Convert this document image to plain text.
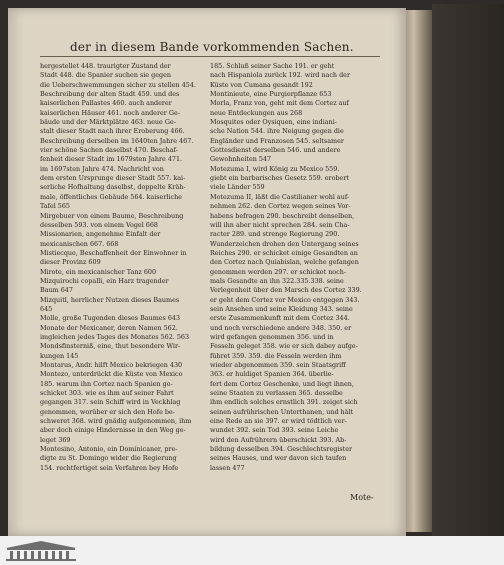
der in diesem Bande vorkommenden Sachen.
hergestellet 448. traurigter Zustand der
Stadt 448. die Spanier suchen sie gegen
die Ueberschwemmungen sicher zu stellen 454.
Beschreibung der alten Stadt 459. und des
kaiserlichen Pallastes 460. auch anderer
kaiserlichen Häuser 461. noch anderer Ge-
bäude und der Märktplätze 463. neue Ge-
stalt dieser Stadt nach ihrer Eroberung 466.
Beschreibung derselben im 1640ten Jahre 467.
vier schöne Sachen daselbst 470. Beschaf-
fenheit dieser Stadt im 1679sten Jahre 471.
im 1697sten Jahre 474. Nachricht von
dem ersten Ursprunge dieser Stadt 557. kai-
serliche Hofhaltung daselbst, doppelte Kräh-
male, öffentliches Gebäude 564. kaiserliche
Tafel 565
Mirgebuer von einem Baume, Beschreibung
desselben 593. von einem Vogel 668
Missionarien, angenehme Einfalt der
mexicanischen 667. 668
Mistiecque, Beschaffenheit der Einwohner in
dieser Provinz 609
Mirote, ein mexicanischer Tanz 600
Mizquirochi copalli, ein Harz tragender
Baum 647
Mizquitl, herrlicher Nutzen dieses Baumes
645
Molle, große Tugenden dieses Baumes 643
Monate der Mexicaner, deren Namen 562.
imgleichen jedes Tages des Monates 562. 563
Mondsfinsterniß, eine, thut besondere Wir-
kungen 145
Montarus, Andr. hilft Mexico bekriegen 430
Montezo, unterdrückt die Küste von Mexico
185. warum ihn Cortez nach Spanien ge-
schicket 303. wie es ihm auf seiner Fahrt
gegangen 317. sein Schiff wird in Veckhlag
genommen, worüber er sich den Hofe be-
schweret 368. wird gnädig aufgenommen, ihm
aber doch einige Hindernisse in den Weg ge-
leget 369
Montesino, Antonio, ein Dominicaner, pre-
digte zu St. Domingo wider die Regierung
154. rechtfertiget sein Verfahren bey Hofe
185. Schluß seiner Sache 191. er geht
nach Hispaniola zurück 192. wird nach der
Küste von Cumana gesandt 192
Montinieute, eine Purgierpflanze 653
Morla, Franz von, geht mit dem Cortez auf
neue Entdeckungen aus 268
Mosquites oder Oysiquen, eine indiani-
sche Nation 544. ihre Neigung gegen die
Engländer und Franzosen 545. seltsamer
Gottesdienst derselben 546. und andere
Gewohnheiten 547
Motezuma I, wird König zu Mexico 559.
giebt ein barbarisches Gesetz 559. erobert
viele Länder 559
Motezuma II, läßt die Castilianer wohl auf-
nehmen 262. den Cortez wegen seines Vor-
habens befragen 290. beschreibt denselben,
will ihn aber nicht sprechen 284. sein Cha-
racter 289. und strenge Regierung 290.
Wunderzeichen drohen den Untergang seines
Reiches 290. er schicket einige Gesandten an
den Cortez nach Quiabislan, welche gefangen
genommen werden 297. er schicket noch-
mals Gesandte an ihn 322.335.338. seine
Verlegenheit über den Marsch des Cortez 339.
er geht dem Cortez vor Mexico entgegen 343.
sein Ansehen und seine Kleidung 343. seine
erste Zusammenkunft mit dem Cortez 344.
und noch verschiedene andere 348. 350. er
wird gefangen genommen 356. und in
Fesseln geleget 358. wie er sich dabey aufge-
führet 359. 359. die Fesseln werden ihm
wieder abgenommen 359. sein Staatsgriff
363. er huldiget Spanien 364. überlie-
fert dem Cortez Geschenke, und liegt ihnen,
seine Staaten zu verlassen 365. desselbe
ihm endlich solches ernstlich 391. zeiget sich
seinen aufrührischen Unterthanen, und hält
eine Rede an sie 397. er wird tödtlich ver-
wundet 392. sein Tod 393. seine Leiche
wird den Aufrührern überschickt 393. Ab-
bildung desselben 394. Geschlechtsregister
seines Hauses, und wer davon sich taufen
lassen 477
Mote-
